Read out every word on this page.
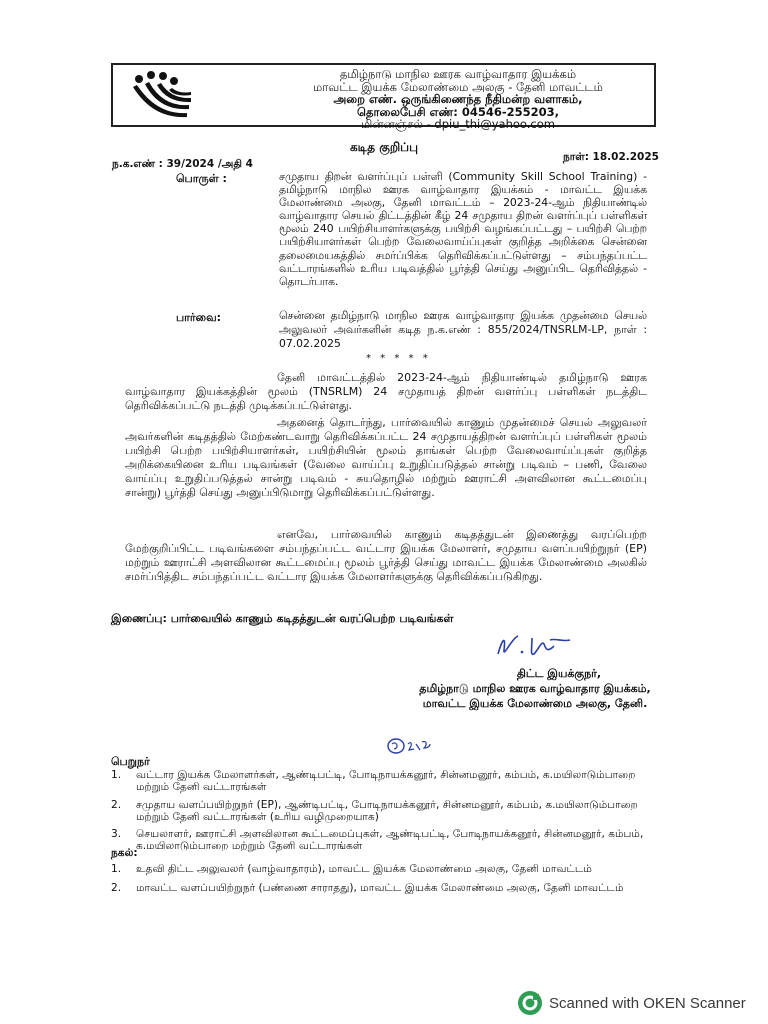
தமிழ்நாடு மாநில ஊரக வாழ்வாதார இயக்கம்
மாவட்ட இயக்க மேலாண்மை அலகு - தேனி மாவட்டம்
அறை எண். ஒருங்கிணைந்த நீதிமன்ற வளாகம்,
தொலைபேசி எண்: 04546-255203,
மின்னஞ்சல் - dpiu_thi@yahoo.com
கடித குறிப்பு
ந.க.எண் : 39/2024 /அதி 4
நாள்: 18.02.2025
பொருள் :	சமுதாய திறன் வளர்ப்புப் பள்ளி (Community Skill School Training) - தமிழ்நாடு மாநில ஊரக வாழ்வாதார இயக்கம் - மாவட்ட இயக்க மேலாண்மை அலகு, தேனி மாவட்டம் – 2023-24-ஆம் நிதியாண்டில் வாழ்வாதார செயல் திட்டத்தின் கீழ் 24 சமுதாய திறன் வளர்ப்புப் பள்ளிகள் மூலம் 240 பயிற்சியாளர்களுக்கு பயிற்சி வழங்கப்பட்டது – பயிற்சி பெற்ற பயிற்சியாளர்கள் பெற்ற வேலைவாய்ப்புகள் குறித்த அறிக்கை சென்னை தலைமையகத்தில் சமர்ப்பிக்க தெரிவிக்கப்பட்டுள்ளது – சம்பந்தப்பட்ட வட்டாரங்களில் உரிய படிவத்தில் பூர்த்தி செய்து அனுப்பிட தெரிவித்தல் - தொடர்பாக.
பார்வை:	சென்னை தமிழ்நாடு மாநில ஊரக வாழ்வாதார இயக்க முதன்மை செயல் அலுவலர் அவர்களின் கடித ந.க.எண் : 855/2024/TNSRLM-LP, நாள் : 07.02.2025
* * * * *
தேனி மாவட்டத்தில் 2023-24-ஆம் நிதியாண்டில் தமிழ்நாடு ஊரக வாழ்வாதார இயக்கத்தின் மூலம் (TNSRLM) 24 சமுதாயத் திறன் வளர்ப்பு பள்ளிகள் நடத்திட தெரிவிக்கப்பட்டு நடத்தி முடிக்கப்பட்டுள்ளது.
அதனைத் தொடர்ந்து, பார்வையில் காணும் முதன்மைச் செயல் அலுவலர் அவர்களின் கடிதத்தில் மேற்கண்டவாறு தெரிவிக்கப்பட்ட 24 சமுதாயத்திறன் வளர்ப்புப் பள்ளிகள் மூலம் பயிற்சி பெற்ற பயிற்சியாளர்கள், பயிற்சியின் மூலம் தாங்கள் பெற்ற வேலைவாய்ப்புகள் குறித்த அறிக்கையினை உரிய படிவங்கள் (வேலை வாய்ப்பு உறுதிப்படுத்தல் சான்று படிவம் – பணி, வேலை வாய்ப்பு உறுதிப்படுத்தல் சான்று படிவம் - சுயதொழில் மற்றும் ஊராட்சி அளவிலான கூட்டமைப்பு சான்று) பூர்த்தி செய்து அனுப்பிடுமாறு தெரிவிக்கப்பட்டுள்ளது.
எனவே, பார்வையில் காணும் கடிதத்துடன் இணைத்து வரப்பெற்ற மேற்குறிப்பிட்ட படிவங்களை சம்பந்தப்பட்ட வட்டார இயக்க மேலாளர், சமுதாய வளப்பயிற்றுநர் (EP) மற்றும் ஊராட்சி அளவிலான கூட்டமைப்பு மூலம் பூர்த்தி செய்து மாவட்ட இயக்க மேலாண்மை அலகில் சமர்ப்பித்திட சம்பந்தப்பட்ட வட்டார இயக்க மேலாளர்களுக்கு தெரிவிக்கப்படுகிறது.
இணைப்பு: பார்வையில் காணும் கடிதத்துடன் வரப்பெற்ற படிவங்கள்
திட்ட இயக்குநர்,
தமிழ்நாடு மாநில ஊரக வாழ்வாதார இயக்கம்,
மாவட்ட இயக்க மேலாண்மை அலகு, தேனி.
பெறுநர்
1. வட்டார இயக்க மேலாளர்கள், ஆண்டிபட்டி, போடிநாயக்கனூர், சின்னமனூர், கம்பம், க.மயிலாடும்பாறை மற்றும் தேனி வட்டாரங்கள்
2. சமுதாய வளப்பயிற்றுநர் (EP), ஆண்டிபட்டி, போடிநாயக்கனூர், சின்னமனூர், கம்பம், க.மயிலாடும்பாறை மற்றும் தேனி வட்டாரங்கள் (உரிய வழிமுறையாக)
3. செயலாளர், ஊராட்சி அளவிலான கூட்டமைப்புகள், ஆண்டிபட்டி, போடிநாயக்கனூர், சின்னமனூர், கம்பம், க.மயிலாடும்பாறை மற்றும் தேனி வட்டாரங்கள்
நகல்:
1. உதவி திட்ட அலுவலர் (வாழ்வாதாரம்), மாவட்ட இயக்க மேலாண்மை அலகு, தேனி மாவட்டம்
2. மாவட்ட வளப்பயிற்றுநர் (பண்ணை சாராதது), மாவட்ட இயக்க மேலாண்மை அலகு, தேனி மாவட்டம்
Scanned with OKEN Scanner
